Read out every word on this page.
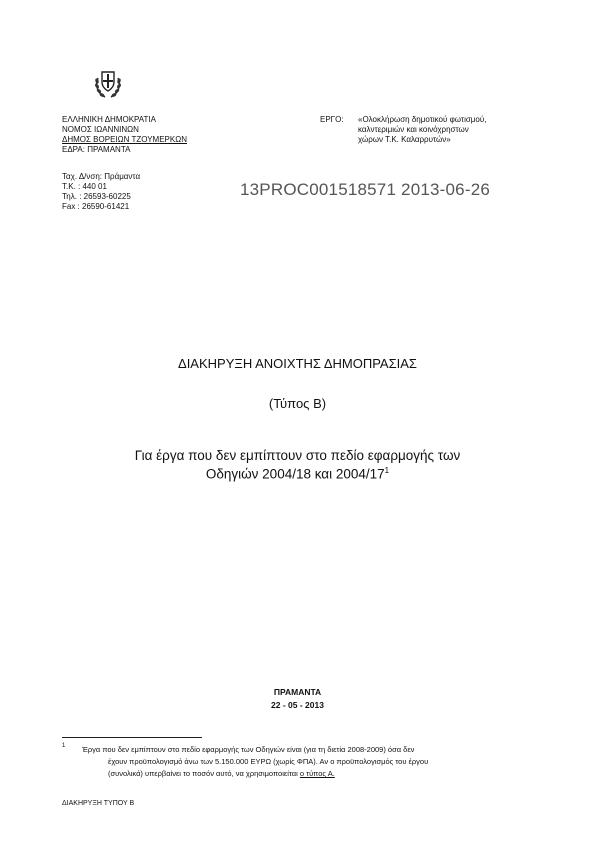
ΕΛΛΗΝΙΚΗ ΔΗΜΟΚΡΑΤΙΑ
ΝΟΜΟΣ ΙΩΑΝΝΙΝΩΝ
ΔΗΜΟΣ ΒΟΡΕΙΩΝ ΤΖΟΥΜΕΡΚΩΝ
ΕΔΡΑ: ΠΡΑΜΑΝΤΑ
Ταχ. Δ/νση: Πράμαντα
Τ.Κ. : 440 01
Τηλ. : 26593-60225
Fax : 26590-61421
ΕΡΓΟ: «Ολοκλήρωση δημοτικού φωτισμού,
καλντεριμιών και κοινόχρηστων
χώρων Τ.Κ. Καλαρρυτών»
13PROC001518571 2013-06-26
ΔΙΑΚΗΡΥΞΗ ΑΝΟΙΧΤΗΣ ΔΗΜΟΠΡΑΣΙΑΣ
(Τύπος Β)
Για έργα που δεν εμπίπτουν στο πεδίο εφαρμογής των
Οδηγιών 2004/18 και $2004/17^1$
ΠΡΑΜΑΝΤΑ
22 - 05 - 2013
1 Έργα που δεν εμπίπτουν στο πεδίο εφαρμογής των Οδηγιών είναι (για τη διετία 2008-2009) όσα δεν
έχουν προϋπολογισμό άνω των 5.150.000 ΕΥΡΩ (χωρίς ΦΠΑ). Αν ο προϋπολογισμός του έργου
(συνολικά) υπερβαίνει το ποσόν αυτό, να χρησιμοποιείται ο τύπος Α.
ΔΙΑΚΗΡΥΞΗ ΤΥΠΟΥ Β
